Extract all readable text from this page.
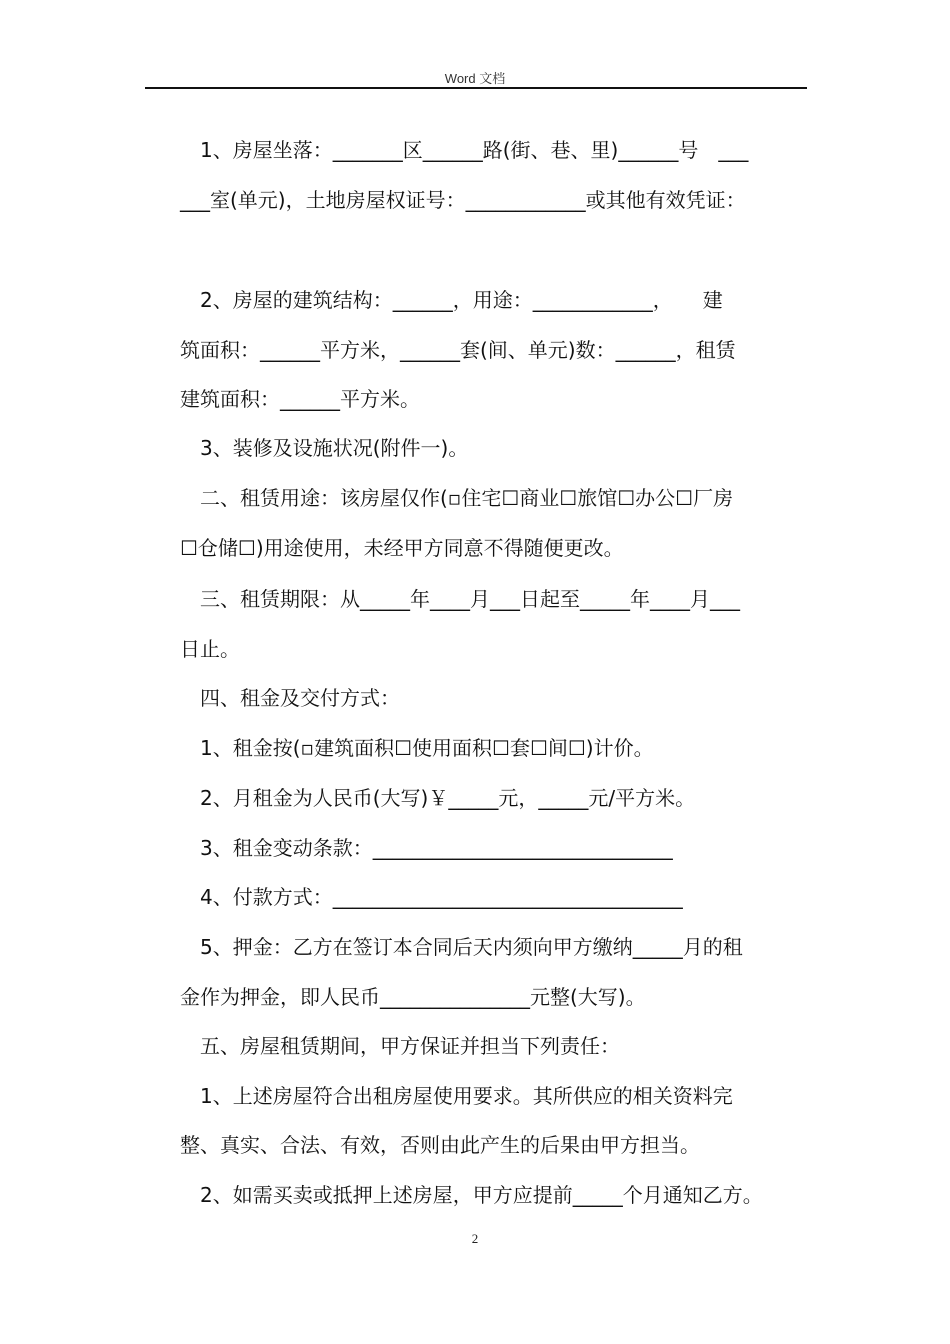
Word 文档
1、房屋坐落：_______区______路(街、巷、里)______号　___
___室(单元)，土地房屋权证号：____________或其他有效凭证：
2、房屋的建筑结构：______，用途：____________，　　建
筑面积：______平方米，______套(间、单元)数：______，租赁
建筑面积：______平方米。
3、装修及设施状况(附件一)。
二、租赁用途：该房屋仅作(▫住宅☐商业☐旅馆☐办公☐厂房
☐仓储☐)用途使用，未经甲方同意不得随便更改。
三、租赁期限：从_____年____月___日起至_____年____月___
日止。
四、租金及交付方式：
1、租金按(▫建筑面积☐使用面积☐套☐间☐)计价。
2、月租金为人民币(大写)￥_____元，_____元/平方米。
3、租金变动条款：______________________________
4、付款方式：___________________________________
5、押金：乙方在签订本合同后天内须向甲方缴纳_____月的租
金作为押金，即人民币_______________元整(大写)。
五、房屋租赁期间，甲方保证并担当下列责任：
1、上述房屋符合出租房屋使用要求。其所供应的相关资料完
整、真实、合法、有效，否则由此产生的后果由甲方担当。
2、如需买卖或抵押上述房屋，甲方应提前_____个月通知乙方。
2
